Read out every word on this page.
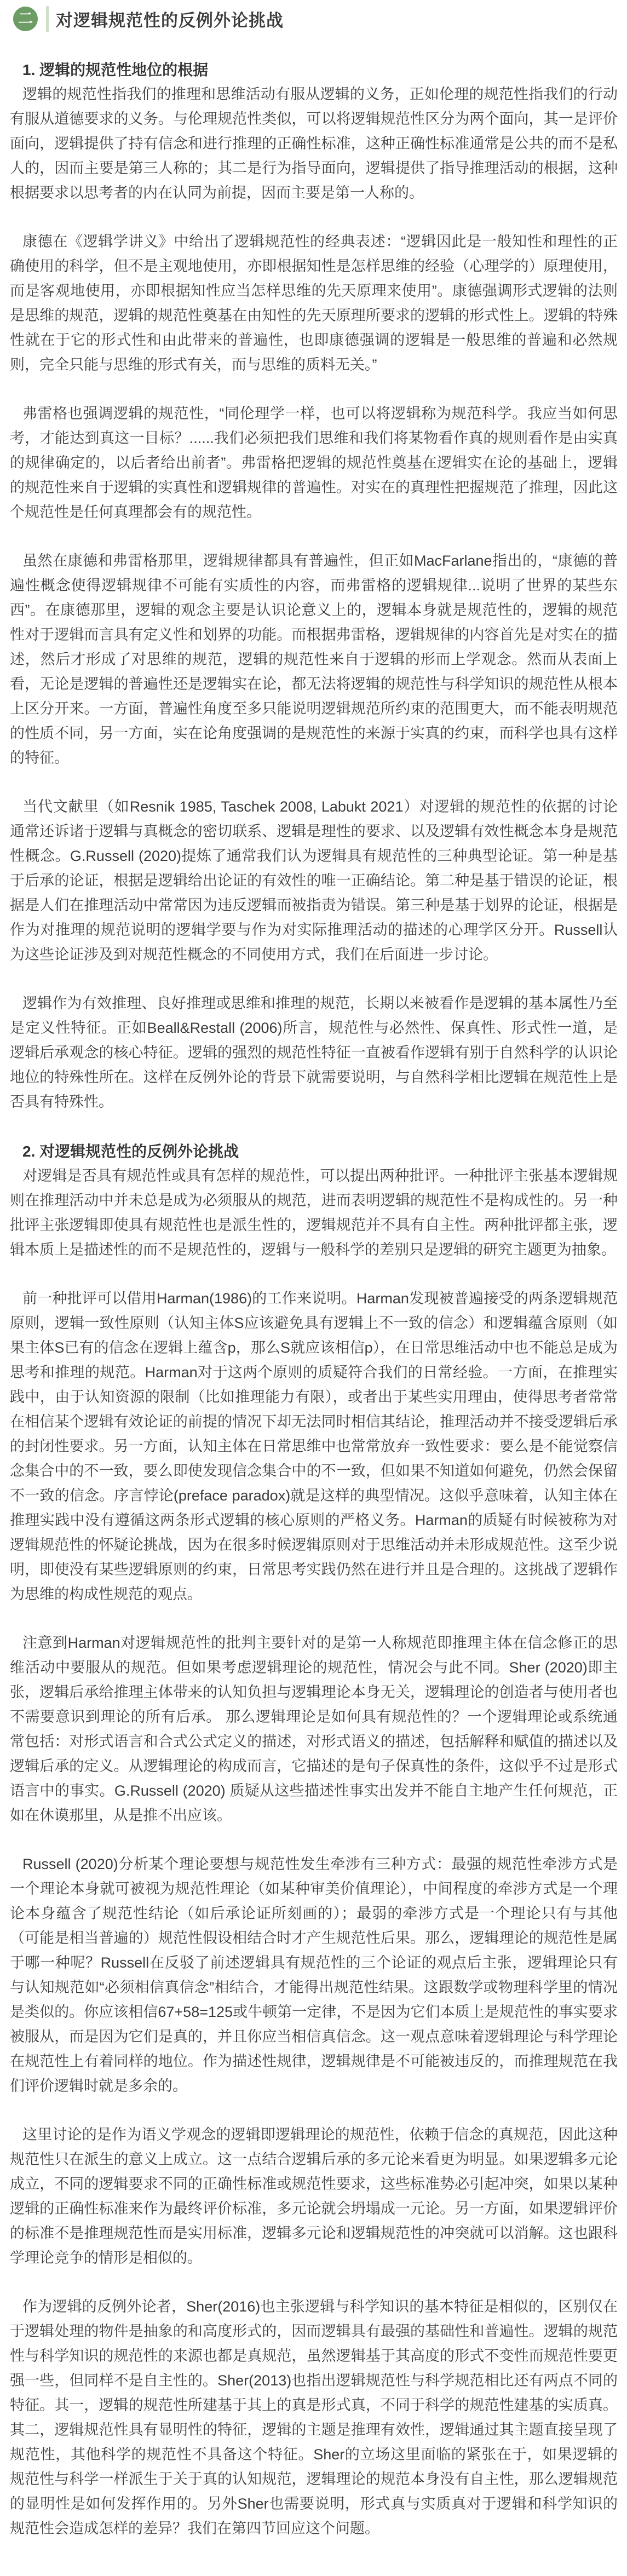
二 对逻辑规范性的反例外论挑战
1. 逻辑的规范性地位的根据

逻辑的规范性指我们的推理和思维活动有服从逻辑的义务，正如伦理的规范性指我们的行动有服从道德要求的义务。与伦理规范性类似，可以将逻辑规范性区分为两个面向，其一是评价面向，逻辑提供了持有信念和进行推理的正确性标准，这种正确性标准通常是公共的而不是私人的，因而主要是第三人称的；其二是行为指导面向，逻辑提供了指导推理活动的根据，这种根据要求以思考者的内在认同为前提，因而主要是第一人称的。

康德在《逻辑学讲义》中给出了逻辑规范性的经典表述：“逻辑因此是一般知性和理性的正确使用的科学，但不是主观地使用，亦即根据知性是怎样思维的经验（心理学的）原理使用，而是客观地使用，亦即根据知性应当怎样思维的先天原理来使用”。康德强调形式逻辑的法则是思维的规范，逻辑的规范性奠基在由知性的先天原理所要求的逻辑的形式性上。逻辑的特殊性就在于它的形式性和由此带来的普遍性，也即康德强调的逻辑是一般思维的普遍和必然规则，完全只能与思维的形式有关，而与思维的质料无关。”

弗雷格也强调逻辑的规范性，“同伦理学一样，也可以将逻辑称为规范科学。我应当如何思考，才能达到真这一目标？......我们必须把我们思维和我们将某物看作真的规则看作是由实真的规律确定的，以后者给出前者”。弗雷格把逻辑的规范性奠基在逻辑实在论的基础上，逻辑的规范性来自于逻辑的实真性和逻辑规律的普遍性。对实在的真理性把握规范了推理，因此这个规范性是任何真理都会有的规范性。

虽然在康德和弗雷格那里，逻辑规律都具有普遍性，但正如MacFarlane指出的，“康德的普遍性概念使得逻辑规律不可能有实质性的内容，而弗雷格的逻辑规律...说明了世界的某些东西”。在康德那里，逻辑的观念主要是认识论意义上的，逻辑本身就是规范性的，逻辑的规范性对于逻辑而言具有定义性和划界的功能。而根据弗雷格，逻辑规律的内容首先是对实在的描述，然后才形成了对思维的规范，逻辑的规范性来自于逻辑的形而上学观念。然而从表面上看，无论是逻辑的普遍性还是逻辑实在论，都无法将逻辑的规范性与科学知识的规范性从根本上区分开来。一方面，普遍性角度至多只能说明逻辑规范所约束的范围更大，而不能表明规范的性质不同，另一方面，实在论角度强调的是规范性的来源于实真的约束，而科学也具有这样的特征。

当代文献里（如Resnik 1985, Taschek 2008, Labukt 2021）对逻辑的规范性的依据的讨论通常还诉诸于逻辑与真概念的密切联系、逻辑是理性的要求、以及逻辑有效性概念本身是规范性概念。G.Russell (2020)提炼了通常我们认为逻辑具有规范性的三种典型论证。第一种是基于后承的论证，根据是逻辑给出论证的有效性的唯一正确结论。第二种是基于错误的论证，根据是人们在推理活动中常常因为违反逻辑而被指责为错误。第三种是基于划界的论证，根据是作为对推理的规范说明的逻辑学要与作为对实际推理活动的描述的心理学区分开。Russell认为这些论证涉及到对规范性概念的不同使用方式，我们在后面进一步讨论。

逻辑作为有效推理、良好推理或思维和推理的规范，长期以来被看作是逻辑的基本属性乃至是定义性特征。正如Beall&Restall (2006)所言，规范性与必然性、保真性、形式性一道，是逻辑后承观念的核心特征。逻辑的强烈的规范性特征一直被看作逻辑有别于自然科学的认识论地位的特殊性所在。这样在反例外论的背景下就需要说明，与自然科学相比逻辑在规范性上是否具有特殊性。

2. 对逻辑规范性的反例外论挑战

对逻辑是否具有规范性或具有怎样的规范性，可以提出两种批评。一种批评主张基本逻辑规则在推理活动中并未总是成为必须服从的规范，进而表明逻辑的规范性不是构成性的。另一种批评主张逻辑即使具有规范性也是派生性的，逻辑规范并不具有自主性。两种批评都主张，逻辑本质上是描述性的而不是规范性的，逻辑与一般科学的差别只是逻辑的研究主题更为抽象。

前一种批评可以借用Harman(1986)的工作来说明。Harman发现被普遍接受的两条逻辑规范原则，逻辑一致性原则（认知主体S应该避免具有逻辑上不一致的信念）和逻辑蕴含原则（如果主体S已有的信念在逻辑上蕴含p，那么S就应该相信p），在日常思维活动中也不能总是成为思考和推理的规范。Harman对于这两个原则的质疑符合我们的日常经验。一方面，在推理实践中，由于认知资源的限制（比如推理能力有限），或者出于某些实用理由，使得思考者常常在相信某个逻辑有效论证的前提的情况下却无法同时相信其结论，推理活动并不接受逻辑后承的封闭性要求。另一方面，认知主体在日常思维中也常常放弃一致性要求：要么是不能觉察信念集合中的不一致，要么即使发现信念集合中的不一致，但如果不知道如何避免，仍然会保留不一致的信念。序言悖论(preface paradox)就是这样的典型情况。这似乎意味着，认知主体在推理实践中没有遵循这两条形式逻辑的核心原则的严格义务。Harman的质疑有时候被称为对逻辑规范性的怀疑论挑战，因为在很多时候逻辑原则对于思维活动并未形成规范性。这至少说明，即使没有某些逻辑原则的约束，日常思考实践仍然在进行并且是合理的。这挑战了逻辑作为思维的构成性规范的观点。

注意到Harman对逻辑规范性的批判主要针对的是第一人称规范即推理主体在信念修正的思维活动中要服从的规范。但如果考虑逻辑理论的规范性，情况会与此不同。Sher (2020)即主张，逻辑后承给推理主体带来的认知负担与逻辑理论本身无关，逻辑理论的创造者与使用者也不需要意识到理论的所有后承。 那么逻辑理论是如何具有规范性的？一个逻辑理论或系统通常包括：对形式语言和合式公式定义的描述，对形式语义的描述，包括解释和赋值的描述以及逻辑后承的定义。从逻辑理论的构成而言，它描述的是句子保真性的条件，这似乎不过是形式语言中的事实。G.Russell (2020) 质疑从这些描述性事实出发并不能自主地产生任何规范，正如在休谟那里，从是推不出应该。

Russell (2020)分析某个理论要想与规范性发生牵涉有三种方式：最强的规范性牵涉方式是一个理论本身就可被视为规范性理论（如某种审美价值理论），中间程度的牵涉方式是一个理论本身蕴含了规范性结论（如后承论证所刻画的）；最弱的牵涉方式是一个理论只有与其他（可能是相当普遍的）规范性假设相结合时才产生规范性后果。那么，逻辑理论的规范性是属于哪一种呢？Russell在反驳了前述逻辑具有规范性的三个论证的观点后主张，逻辑理论只有与认知规范如“必须相信真信念”相结合，才能得出规范性结果。这跟数学或物理科学里的情况是类似的。你应该相信67+58=125或牛顿第一定律，不是因为它们本质上是规范性的事实要求被服从，而是因为它们是真的，并且你应当相信真信念。这一观点意味着逻辑理论与科学理论在规范性上有着同样的地位。作为描述性规律，逻辑规律是不可能被违反的，而推理规范在我们评价逻辑时就是多余的。

这里讨论的是作为语义学观念的逻辑即逻辑理论的规范性，依赖于信念的真规范，因此这种规范性只在派生的意义上成立。这一点结合逻辑后承的多元论来看更为明显。如果逻辑多元论成立，不同的逻辑要求不同的正确性标准或规范性要求，这些标准势必引起冲突，如果以某种逻辑的正确性标准来作为最终评价标准，多元论就会坍塌成一元论。另一方面，如果逻辑评价的标准不是推理规范性而是实用标准，逻辑多元论和逻辑规范性的冲突就可以消解。这也跟科学理论竞争的情形是相似的。

作为逻辑的反例外论者，Sher(2016)也主张逻辑与科学知识的基本特征是相似的，区别仅在于逻辑处理的物件是抽象的和高度形式的，因而逻辑具有最强的基础性和普遍性。逻辑的规范性与科学知识的规范性的来源也都是真规范，虽然逻辑基于其高度的形式不变性而规范性要更强一些，但同样不是自主性的。Sher(2013)也指出逻辑规范性与科学规范相比还有两点不同的特征。其一，逻辑的规范性所建基于其上的真是形式真，不同于科学的规范性建基的实质真。其二，逻辑规范性具有显明性的特征，逻辑的主题是推理有效性，逻辑通过其主题直接呈现了规范性，其他科学的规范性不具备这个特征。Sher的立场这里面临的紧张在于，如果逻辑的规范性与科学一样派生于关于真的认知规范，逻辑理论的规范本身没有自主性，那么逻辑规范的显明性是如何发挥作用的。另外Sher也需要说明，形式真与实质真对于逻辑和科学知识的规范性会造成怎样的差异？我们在第四节回应这个问题。
